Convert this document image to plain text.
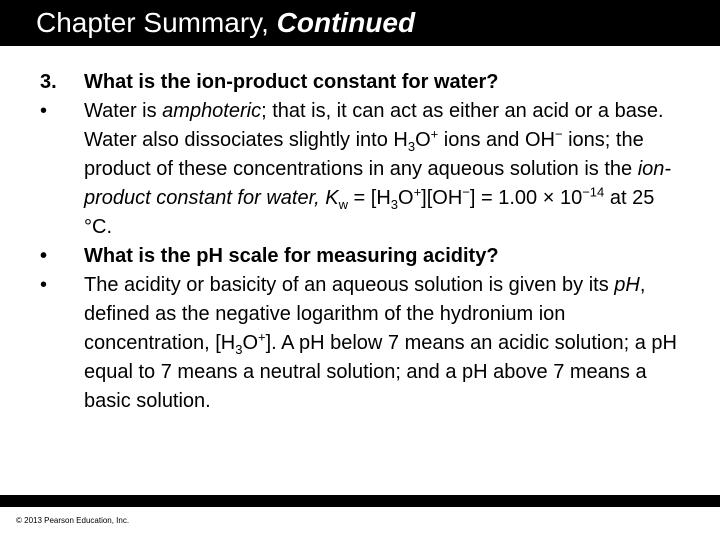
Chapter Summary, Continued
3. What is the ion-product constant for water?
• Water is amphoteric; that is, it can act as either an acid or a base. Water also dissociates slightly into $H_3O^+$ ions and OH− ions; the product of these concentrations in any aqueous solution is the ion-product constant for water, $K_w = [H_3O^+][OH^-] = 1.00 \times 10^{-14}$ at 25 °C.
• What is the pH scale for measuring acidity?
• The acidity or basicity of an aqueous solution is given by its pH, defined as the negative logarithm of the hydronium ion concentration, $[H_3O^+]$. A pH below 7 means an acidic solution; a pH equal to 7 means a neutral solution; and a pH above 7 means a basic solution.
© 2013 Pearson Education, Inc.
